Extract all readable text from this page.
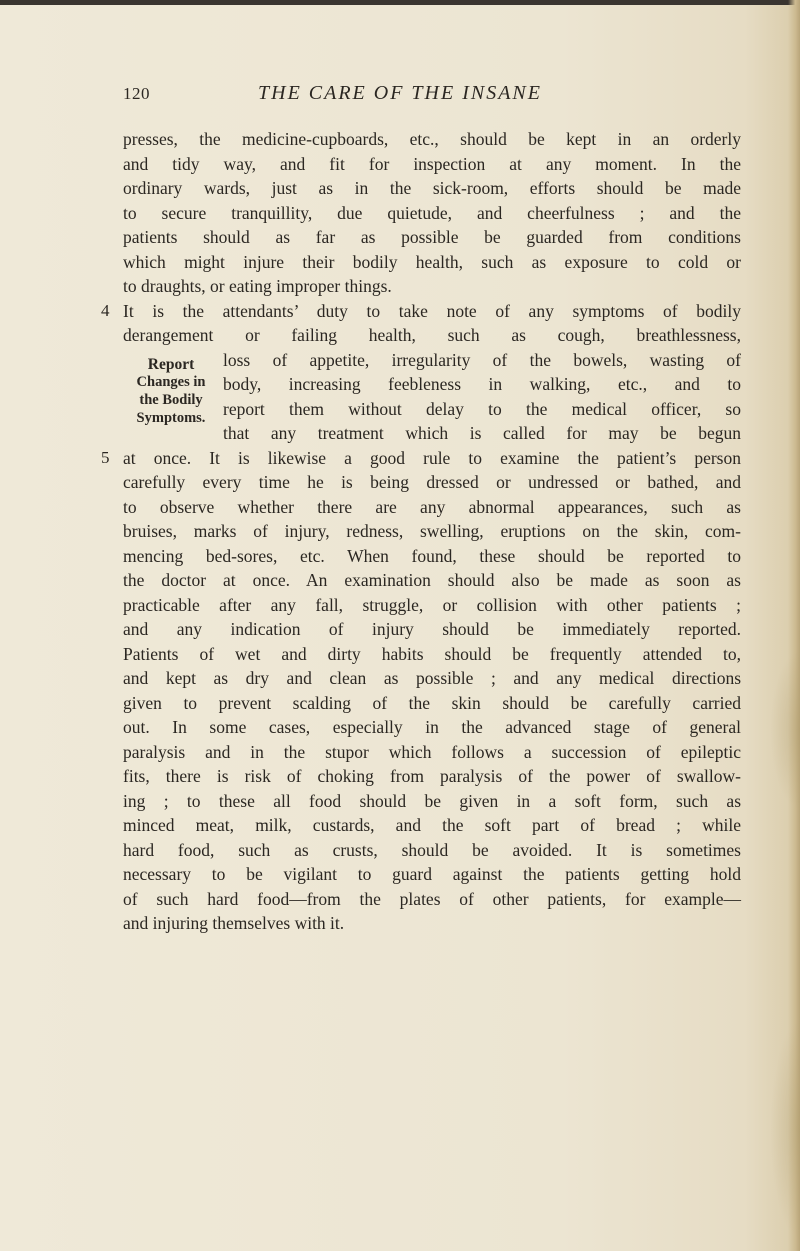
120	THE CARE OF THE INSANE
presses, the medicine-cupboards, etc., should be kept in an orderly
and tidy way, and fit for inspection at any moment. In the
ordinary wards, just as in the sick-room, efforts should be made
to secure tranquillity, due quietude, and cheerfulness ; and the
patients should as far as possible be guarded from conditions
which might injure their bodily health, such as exposure to cold or
to draughts, or eating improper things.
4 It is the attendants’ duty to take note of any symptoms of bodily
derangement or failing health, such as cough, breathlessness,
Report
Changes in
the Bodily
Symptoms.
loss of appetite, irregularity of the bowels, wasting of
body, increasing feebleness in walking, etc., and to
report them without delay to the medical officer, so
that any treatment which is called for may be begun
5 at once. It is likewise a good rule to examine the patient’s person
carefully every time he is being dressed or undressed or bathed, and
to observe whether there are any abnormal appearances, such as
bruises, marks of injury, redness, swelling, eruptions on the skin, com-
mencing bed-sores, etc. When found, these should be reported to
the doctor at once. An examination should also be made as soon as
practicable after any fall, struggle, or collision with other patients ;
and any indication of injury should be immediately reported.
Patients of wet and dirty habits should be frequently attended to,
and kept as dry and clean as possible ; and any medical directions
given to prevent scalding of the skin should be carefully carried
out. In some cases, especially in the advanced stage of general
paralysis and in the stupor which follows a succession of epileptic
fits, there is risk of choking from paralysis of the power of swallow-
ing ; to these all food should be given in a soft form, such as
minced meat, milk, custards, and the soft part of bread ; while
hard food, such as crusts, should be avoided. It is sometimes
necessary to be vigilant to guard against the patients getting hold
of such hard food—from the plates of other patients, for example—
and injuring themselves with it.
